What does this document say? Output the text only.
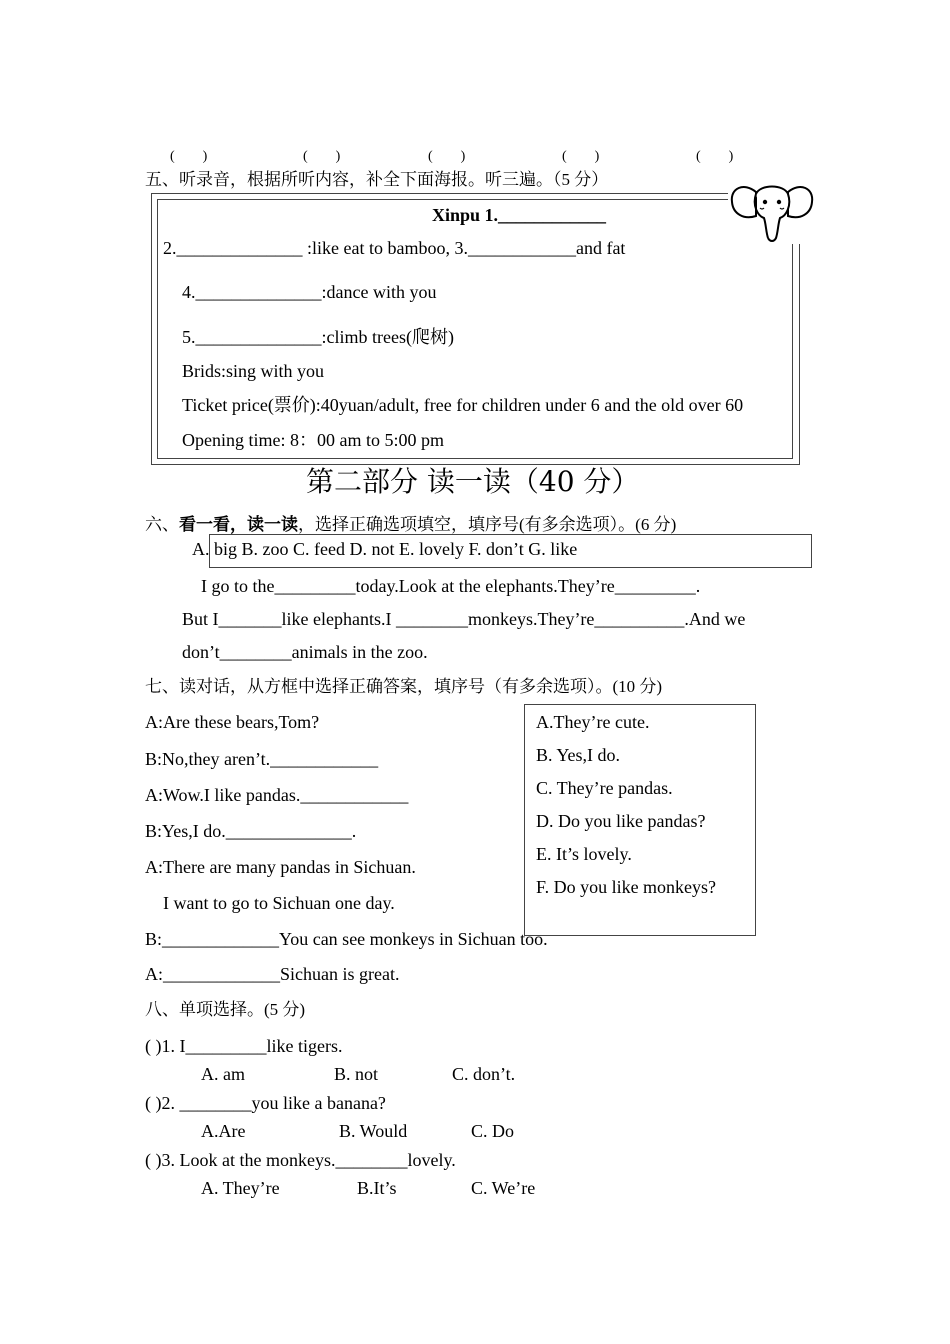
(　　)	(　　)	(　　)	(　　)	(　　)
五、听录音，根据所听内容，补全下面海报。听三遍。（5 分）
Xinpu 1.____________
2.______________ :like eat to bamboo, 3.____________and fat
4.______________:dance with you
5.______________:climb trees(爬树)
Brids:sing with you
Ticket price(票价):40yuan/adult, free for children under 6 and the old over 60
Opening time: 8：00 am to 5:00 pm
第二部分 读一读（40 分）
六、看一看，读一读，选择正确选项填空，填序号(有多余选项）。(6 分)
A. big B. zoo C. feed D. not E. lovely F. don’t G. like
I go to the_________today.Look at the elephants.They’re_________.
But I_______like elephants.I ________monkeys.They’re__________.And we
don’t________animals in the zoo.
七、读对话，从方框中选择正确答案，填序号（有多余选项）。(10 分)
A.They’re cute.
B. Yes,I do.
C. They’re pandas.
D. Do you like pandas?
E. It’s lovely.
F. Do you like monkeys?
A:Are these bears,Tom?
B:No,they aren’t.____________
A:Wow.I like pandas.____________
B:Yes,I do.______________.
A:There are many pandas in Sichuan.
I want to go to Sichuan one day.
B:_____________You can see monkeys in Sichuan too.
A:_____________Sichuan is great.
八、单项选择。(5 分)
( )1. I_________like tigers.
A. am	B. not	C. don’t.
( )2. ________you like a banana?
A.Are	B. Would	C. Do
( )3. Look at the monkeys.________lovely.
A. They’re	B.It’s	C. We’re
